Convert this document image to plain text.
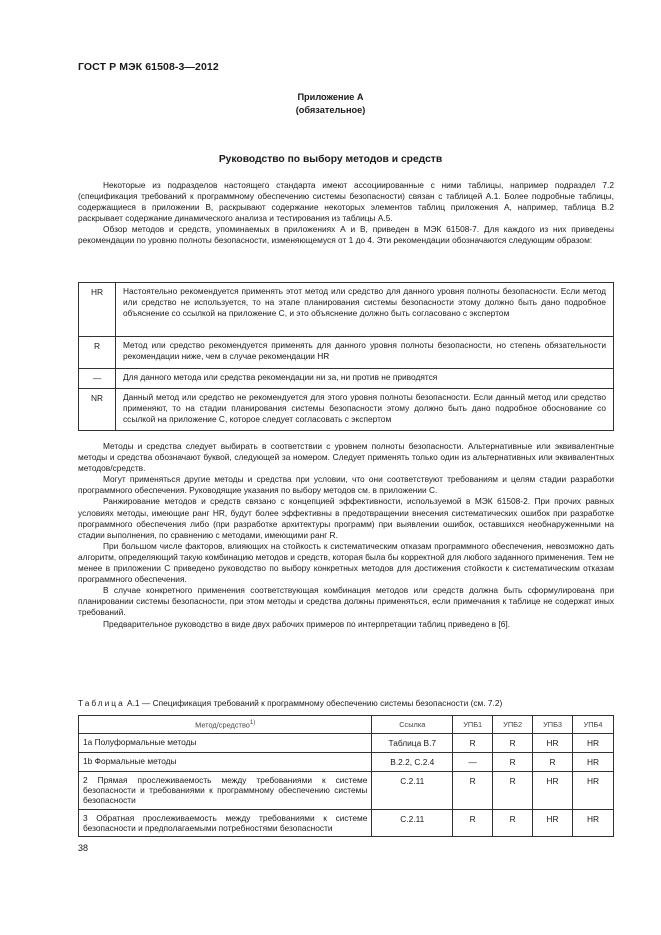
ГОСТ Р МЭК 61508-3—2012
Приложение А
(обязательное)
Руководство по выбору методов и средств

Некоторые из подразделов настоящего стандарта имеют ассоциированные с ними таблицы, например подраздел 7.2 (спецификация требований к программному обеспечению системы безопасности) связан с таблицей А.1. Более подробные таблицы, содержащиеся в приложении В, раскрывают содержание некоторых элементов таблиц приложения А, например, таблица В.2 раскрывает содержание динамического анализа и тестирования из таблицы А.5.

Обзор методов и средств, упоминаемых в приложениях А и В, приведен в МЭК 61508-7. Для каждого из них приведены рекомендации по уровню полноты безопасности, изменяющемуся от 1 до 4. Эти рекомендации обозначаются следующим образом:

HR	Настоятельно рекомендуется применять этот метод или средство для данного уровня полноты безопасности. Если метод или средство не используется, то на этапе планирования системы безопасности этому должно быть дано подробное объяснение со ссылкой на приложение С, и это объяснение должно быть согласовано с экспертом
R	Метод или средство рекомендуется применять для данного уровня полноты безопасности, но степень обязательности рекомендации ниже, чем в случае рекомендации HR
—	Для данного метода или средства рекомендации ни за, ни против не приводятся
NR	Данный метод или средство не рекомендуется для этого уровня полноты безопасности. Если данный метод или средство применяют, то на стадии планирования системы безопасности этому должно быть дано подробное обоснование со ссылкой на приложение С, которое следует согласовать с экспертом

Методы и средства следует выбирать в соответствии с уровнем полноты безопасности. Альтернативные или эквивалентные методы и средства обозначают буквой, следующей за номером. Следует применять только один из альтернативных или эквивалентных методов/средств.

Могут применяться другие методы и средства при условии, что они соответствуют требованиям и целям стадии разработки программного обеспечения. Руководящие указания по выбору методов см. в приложении С.

Ранжирование методов и средств связано с концепцией эффективности, используемой в МЭК 61508-2. При прочих равных условиях методы, имеющие ранг HR, будут более эффективны в предотвращении внесения систематических ошибок при разработке программного обеспечения либо (при разработке архитектуры программ) при выявлении ошибок, оставшихся необнаруженными на стадии выполнения, по сравнению с методами, имеющими ранг R.

При большом числе факторов, влияющих на стойкость к систематическим отказам программного обеспечения, невозможно дать алгоритм, определяющий такую комбинацию методов и средств, которая была бы корректной для любого заданного применения. Тем не менее в приложении С приведено руководство по выбору конкретных методов для достижения стойкости к систематическим отказам программного обеспечения.

В случае конкретного применения соответствующая комбинация методов или средств должна быть сформулирована при планировании системы безопасности, при этом методы и средства должны применяться, если примечания к таблице не содержат иных требований.

Предварительное руководство в виде двух рабочих примеров по интерпретации таблиц приведено в [6].

Таблица А.1 — Спецификация требований к программному обеспечению системы безопасности (см. 7.2)
Метод/средство$^{1)}$	Ссылка	УПБ1	УПБ2	УПБ3	УПБ4
1a Полуформальные методы	Таблица В.7	R	R	HR	HR
1b Формальные методы	В.2.2, С.2.4	—	R	R	HR
2 Прямая прослеживаемость между требованиями к системе безопасности и требованиями к программному обеспечению системы безопасности	С.2.11	R	R	HR	HR
3 Обратная прослеживаемость между требованиями к системе безопасности и предполагаемыми потребностями безопасности	С.2.11	R	R	HR	HR
38
